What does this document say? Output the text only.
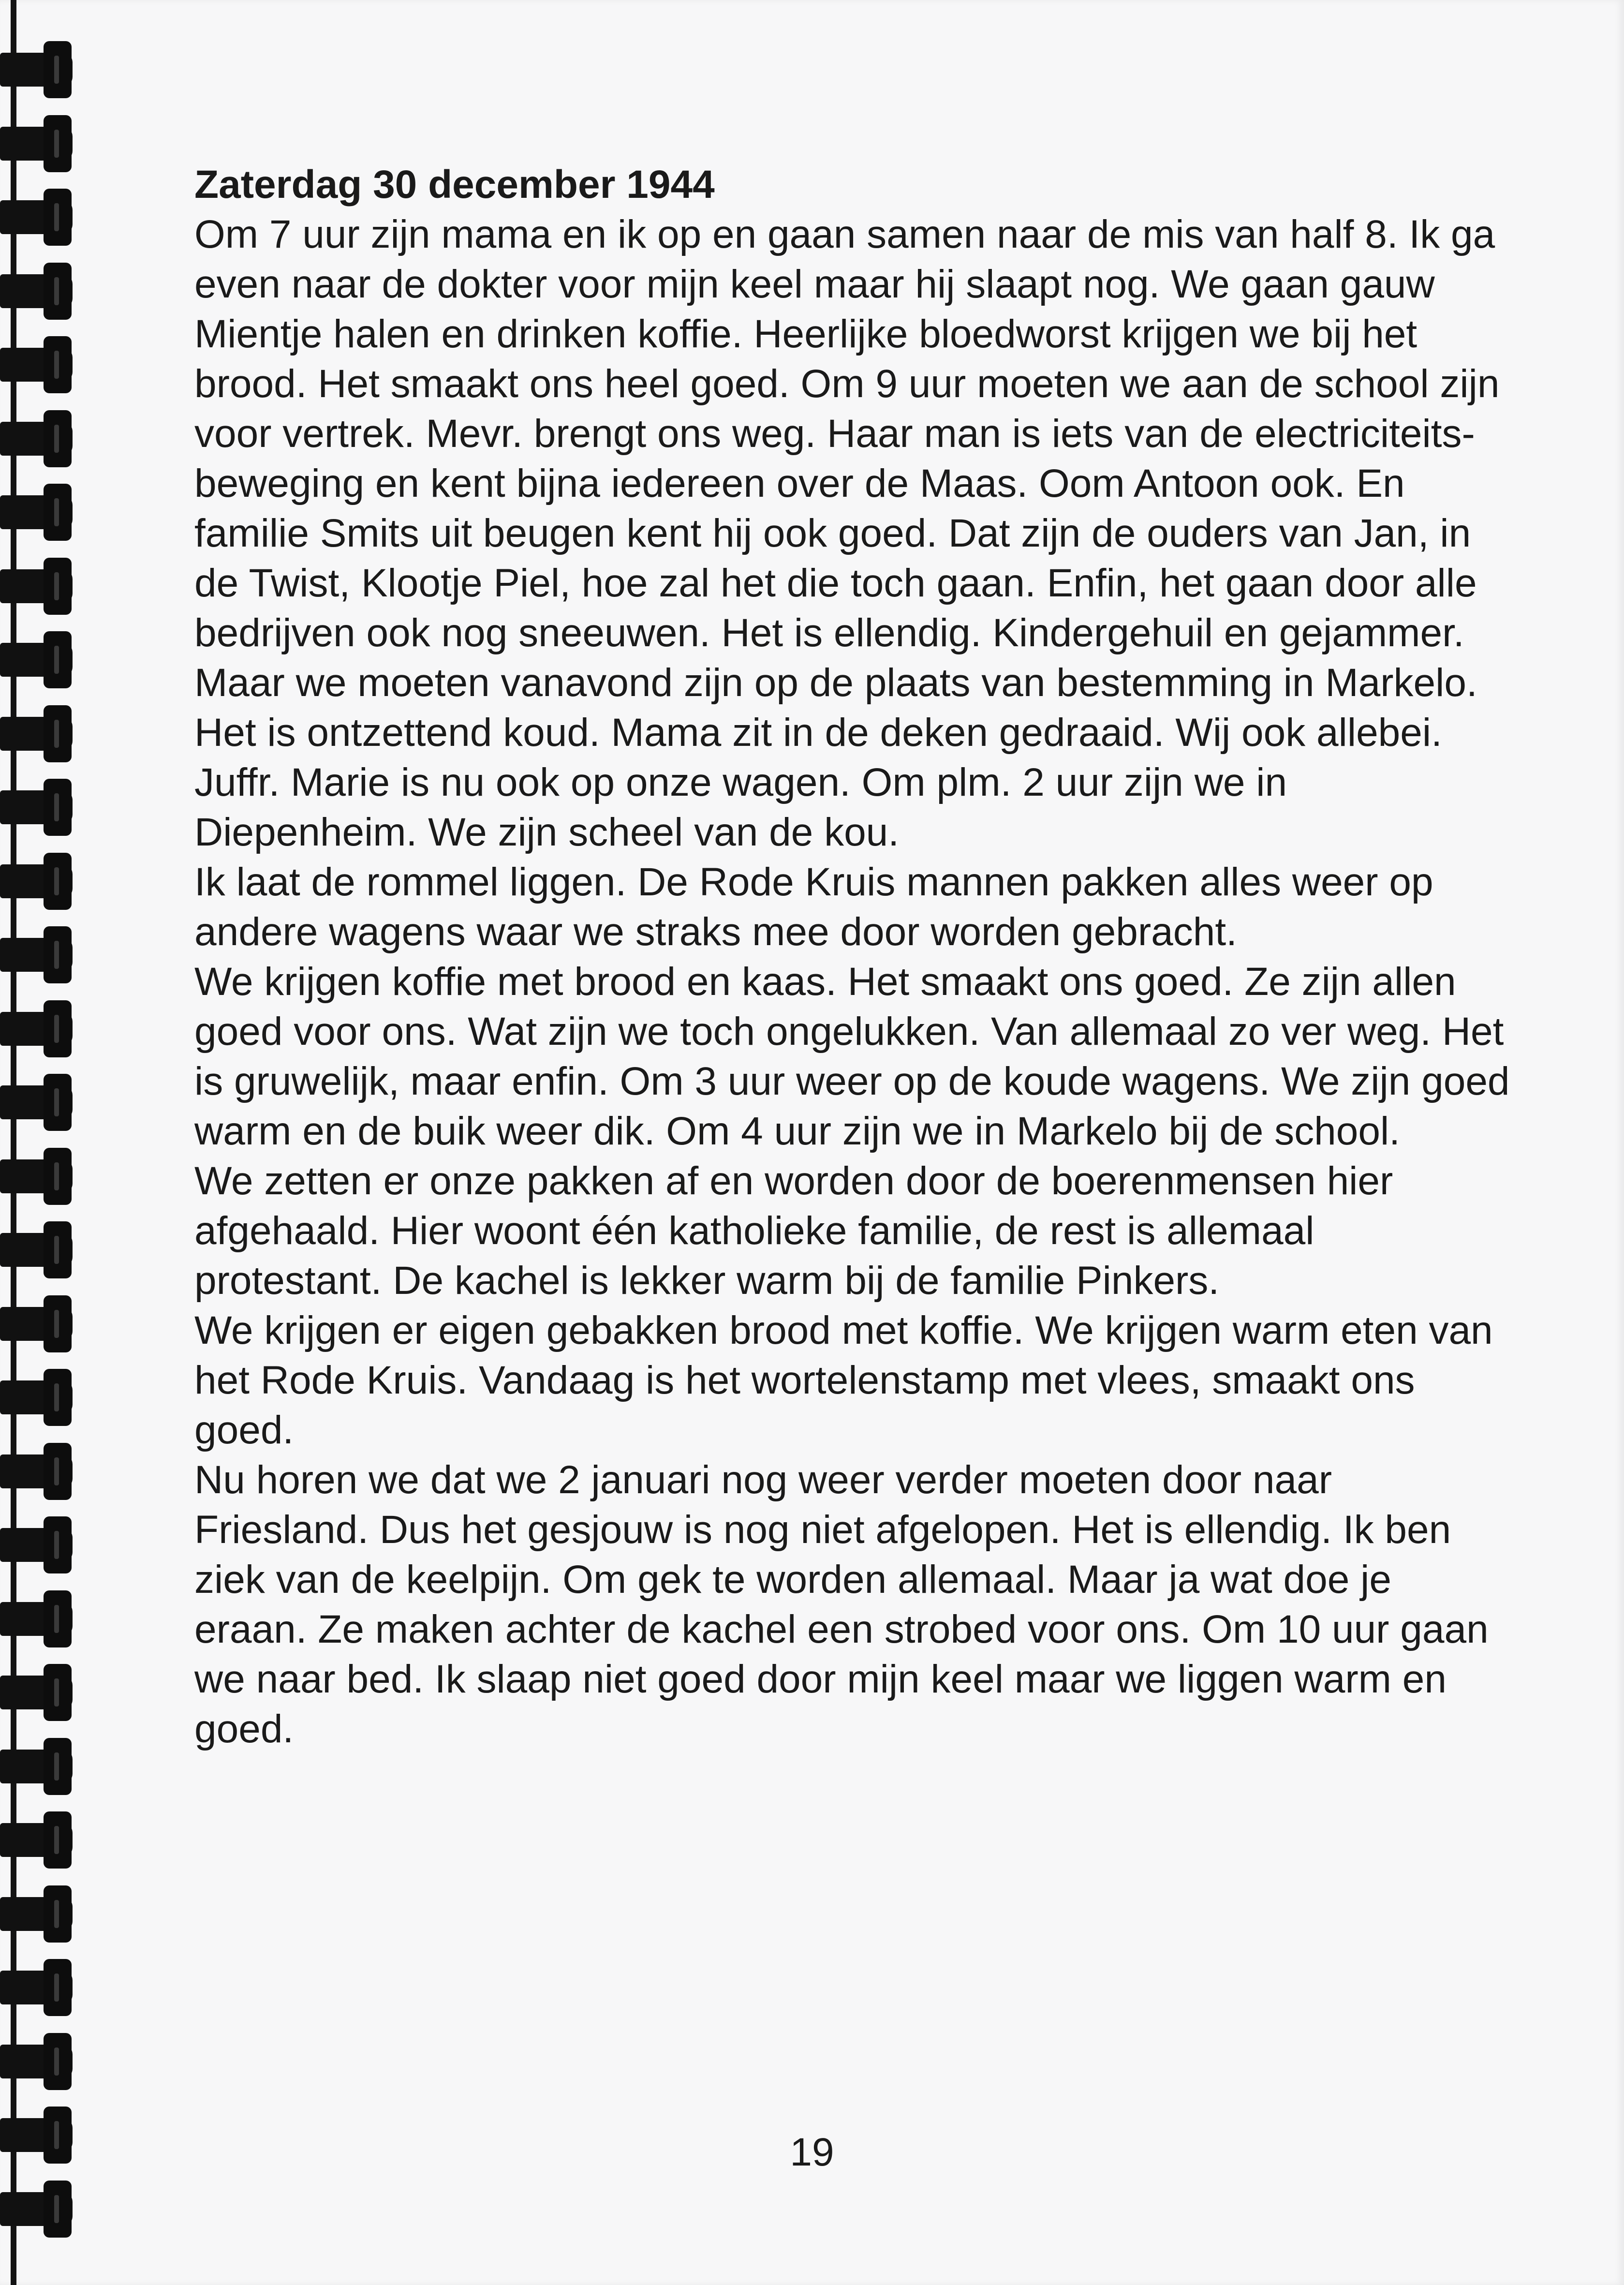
Zaterdag 30 december 1944

Om 7 uur zijn mama en ik op en gaan samen naar de mis van half 8. Ik ga even naar de dokter voor mijn keel maar hij slaapt nog. We gaan gauw Mientje halen en drinken koffie. Heerlijke bloedworst krijgen we bij het brood. Het smaakt ons heel goed. Om 9 uur moeten we aan de school zijn voor vertrek. Mevr. brengt ons weg. Haar man is iets van de electriciteits-beweging en kent bijna iedereen over de Maas. Oom Antoon ook. En familie Smits uit beugen kent hij ook goed. Dat zijn de ouders van Jan, in de Twist, Klootje Piel, hoe zal het die toch gaan. Enfin, het gaan door alle bedrijven ook nog sneeuwen. Het is ellendig. Kindergehuil en gejammer. Maar we moeten vanavond zijn op de plaats van bestemming in Markelo.

Het is ontzettend koud. Mama zit in de deken gedraaid. Wij ook allebei. Juffr. Marie is nu ook op onze wagen. Om plm. 2 uur zijn we in Diepenheim. We zijn scheel van de kou.

Ik laat de rommel liggen. De Rode Kruis mannen pakken alles weer op andere wagens waar we straks mee door worden gebracht.

We krijgen koffie met brood en kaas. Het smaakt ons goed. Ze zijn allen goed voor ons. Wat zijn we toch ongelukken. Van allemaal zo ver weg. Het is gruwelijk, maar enfin. Om 3 uur weer op de koude wagens. We zijn goed warm en de buik weer dik. Om 4 uur zijn we in Markelo bij de school.

We zetten er onze pakken af en worden door de boerenmensen hier afgehaald. Hier woont één katholieke familie, de rest is allemaal protestant. De kachel is lekker warm bij de familie Pinkers.

We krijgen er eigen gebakken brood met koffie. We krijgen warm eten van het Rode Kruis. Vandaag is het wortelenstamp met vlees, smaakt ons goed.

Nu horen we dat we 2 januari nog weer verder moeten door naar Friesland. Dus het gesjouw is nog niet afgelopen. Het is ellendig. Ik ben ziek van de keelpijn. Om gek te worden allemaal. Maar ja wat doe je eraan. Ze maken achter de kachel een strobed voor ons. Om 10 uur gaan we naar bed. Ik slaap niet goed door mijn keel maar we liggen warm en goed.

19
